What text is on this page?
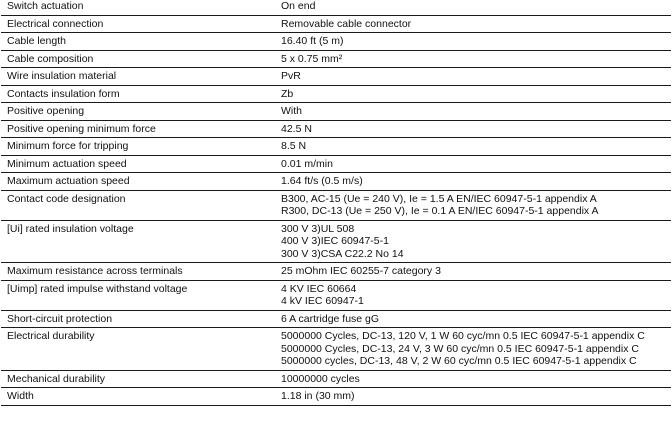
Switch actuation	On end

Electrical connection	Removable cable connector

Cable length	16.40 ft (5 m)

Cable composition	5 x 0.75 mm²

Wire insulation material	PvR

Contacts insulation form	Zb

Positive opening	With

Positive opening minimum force	42.5 N

Minimum force for tripping	8.5 N

Minimum actuation speed	0.01 m/min

Maximum actuation speed	1.64 ft/s (0.5 m/s)

Contact code designation	B300, AC-15 (Ue = 240 V), Ie = 1.5 A EN/IEC 60947-5-1 appendix A
R300, DC-13 (Ue = 250 V), Ie = 0.1 A EN/IEC 60947-5-1 appendix A

[Ui] rated insulation voltage	300 V 3)UL 508
400 V 3)IEC 60947-5-1
300 V 3)CSA C22.2 No 14

Maximum resistance across terminals	25 mOhm IEC 60255-7 category 3

[Uimp] rated impulse withstand voltage	4 KV IEC 60664
4 kV IEC 60947-1

Short-circuit protection	6 A cartridge fuse gG

Electrical durability	5000000 Cycles, DC-13, 120 V, 1 W 60 cyc/mn 0.5 IEC 60947-5-1 appendix C
5000000 Cycles, DC-13, 24 V, 3 W 60 cyc/mn 0.5 IEC 60947-5-1 appendix C
5000000 cycles, DC-13, 48 V, 2 W 60 cyc/mn 0.5 IEC 60947-5-1 appendix C

Mechanical durability	10000000 cycles

Width	1.18 in (30 mm)
